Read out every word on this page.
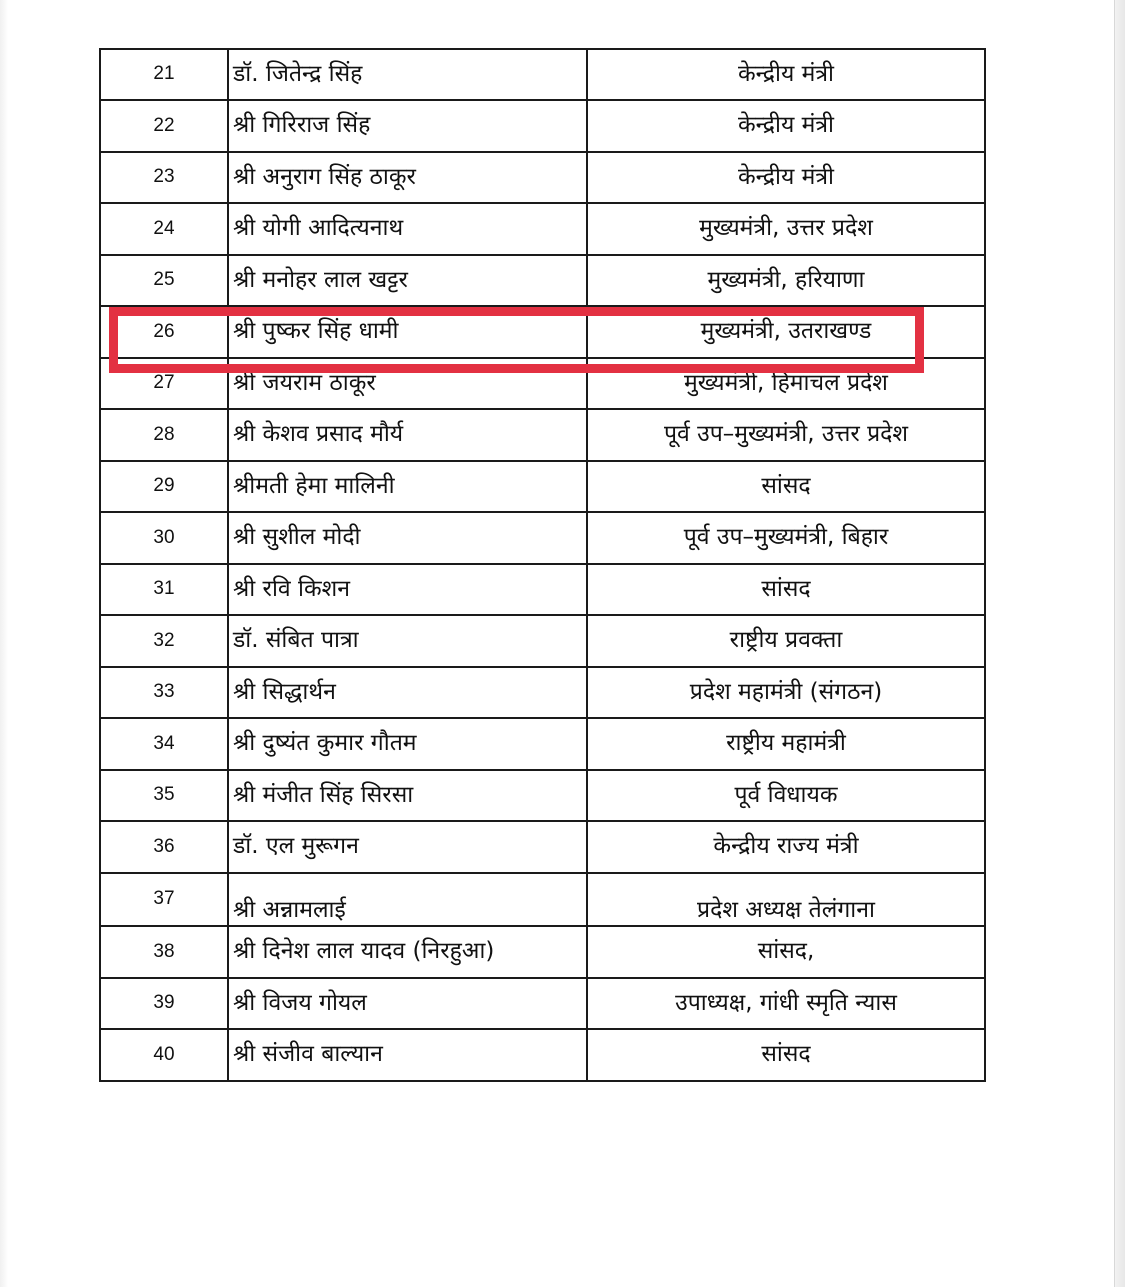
21	डॉ. जितेन्द्र सिंह	केन्द्रीय मंत्री
22	श्री गिरिराज सिंह	केन्द्रीय मंत्री
23	श्री अनुराग सिंह ठाकूर	केन्द्रीय मंत्री
24	श्री योगी आदित्यनाथ	मुख्यमंत्री, उत्तर प्रदेश
25	श्री मनोहर लाल खट्टर	मुख्यमंत्री, हरियाणा
26	श्री पुष्कर सिंह धामी	मुख्यमंत्री, उतराखण्ड
27	श्री जयराम ठाकूर	मुख्यमंत्री, हिमाचल प्रदेश
28	श्री केशव प्रसाद मौर्य	पूर्व उप–मुख्यमंत्री, उत्तर प्रदेश
29	श्रीमती हेमा मालिनी	सांसद
30	श्री सुशील मोदी	पूर्व उप–मुख्यमंत्री, बिहार
31	श्री रवि किशन	सांसद
32	डॉ. संबित पात्रा	राष्ट्रीय प्रवक्ता
33	श्री सिद्धार्थन	प्रदेश महामंत्री (संगठन)
34	श्री दुष्यंत कुमार गौतम	राष्ट्रीय महामंत्री
35	श्री मंजीत सिंह सिरसा	पूर्व विधायक
36	डॉ. एल मुरूगन	केन्द्रीय राज्य मंत्री
37	श्री अन्नामलाई	प्रदेश अध्यक्ष तेलंगाना
38	श्री दिनेश लाल यादव (निरहुआ)	सांसद,
39	श्री विजय गोयल	उपाध्यक्ष, गांधी स्मृति न्यास
40	श्री संजीव बाल्यान	सांसद
